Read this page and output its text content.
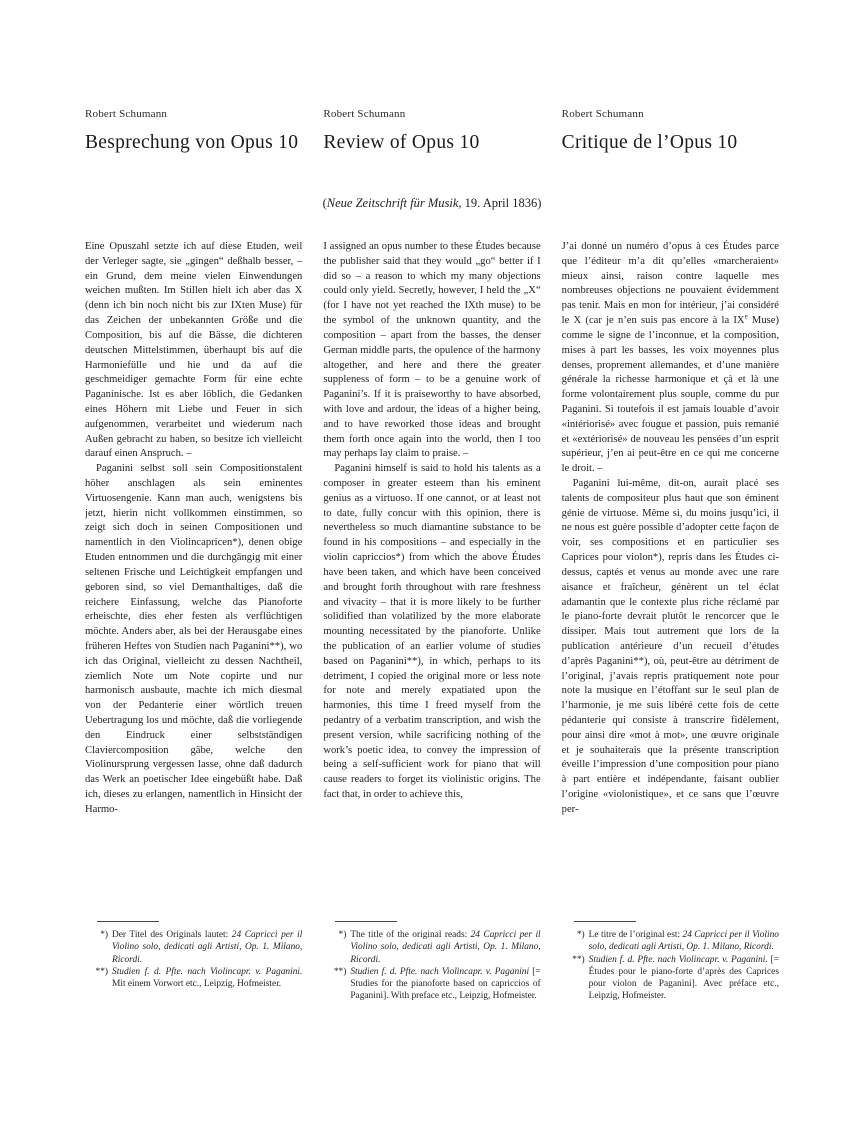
Robert Schumann
Besprechung von Opus 10
Robert Schumann
Review of Opus 10
Robert Schumann
Critique de l’Opus 10
(Neue Zeitschrift für Musik, 19. April 1836)

Eine Opuszahl setzte ich auf diese Etuden, weil der Verleger sagte, sie „gingen“ deßhalb besser, – ein Grund, dem meine vielen Einwendungen weichen mußten. Im Stillen hielt ich aber das X (denn ich bin noch nicht bis zur IXten Muse) für das Zeichen der unbekannten Größe und die Composition, bis auf die Bässe, die dichteren deutschen Mittelstimmen, überhaupt bis auf die Harmoniefülle und hie und da auf die geschmeidiger gemachte Form für eine echte Paganinische. Ist es aber löblich, die Gedanken eines Höhern mit Liebe und Feuer in sich aufgenommen, verarbeitet und wiederum nach Außen gebracht zu haben, so besitze ich vielleicht darauf einen Anspruch. –

Paganini selbst soll sein Compositionstalent höher anschlagen als sein eminentes Virtuosengenie. Kann man auch, wenigstens bis jetzt, hierin nicht vollkommen einstimmen, so zeigt sich doch in seinen Compositionen und namentlich in den Violincapricen*), denen obige Etuden entnommen und die durchgängig mit einer seltenen Frische und Leichtigkeit empfangen und geboren sind, so viel Demanthaltiges, daß die reichere Einfassung, welche das Pianoforte erheischte, dies eher festen als verflüchtigen möchte. Anders aber, als bei der Herausgabe eines früheren Heftes von Studien nach Paganini**), wo ich das Original, vielleicht zu dessen Nachtheil, ziemlich Note um Note copirte und nur harmonisch ausbaute, machte ich mich diesmal von der Pedanterie einer wörtlich treuen Uebertragung los und möchte, daß die vorliegende den Eindruck einer selbstständigen Claviercomposition gäbe, welche den Violinursprung vergessen lasse, ohne daß dadurch das Werk an poetischer Idee eingebüßt habe. Daß ich, dieses zu erlangen, namentlich in Hinsicht der Harmo-

I assigned an opus number to these Études because the publisher said that they would „go“ better if I did so – a reason to which my many objections could only yield. Secretly, however, I held the „X“ (for I have not yet reached the IXth muse) to be the symbol of the unknown quantity, and the composition – apart from the basses, the denser German middle parts, the opulence of the harmony altogether, and here and there the greater suppleness of form – to be a genuine work of Paganini’s. If it is praiseworthy to have absorbed, with love and ardour, the ideas of a higher being, and to have reworked those ideas and brought them forth once again into the world, then I too may perhaps lay claim to praise. –

Paganini himself is said to hold his talents as a composer in greater esteem than his eminent genius as a virtuoso. If one cannot, or at least not to date, fully concur with this opinion, there is nevertheless so much diamantine substance to be found in his compositions – and especially in the violin capriccios*) from which the above Études have been taken, and which have been conceived and brought forth throughout with rare freshness and vivacity – that it is more likely to be further solidified than volatilized by the more elaborate mounting necessitated by the pianoforte. Unlike the publication of an earlier volume of studies based on Paganini**), in which, perhaps to its detriment, I copied the original more or less note for note and merely expatiated upon the harmonies, this time I freed myself from the pedantry of a verbatim transcription, and wish the present version, while sacrificing nothing of the work’s poetic idea, to convey the impression of being a self-sufficient work for piano that will cause readers to forget its violinistic origins. The fact that, in order to achieve this,

J’ai donné un numéro d’opus à ces Études parce que l’éditeur m’a dit qu’elles «marcheraient» mieux ainsi, raison contre laquelle mes nombreuses objections ne pouvaient évidemment pas tenir. Mais en mon for intérieur, j’ai considéré le X (car je n’en suis pas encore à la IXe Muse) comme le signe de l’inconnue, et la composition, mises à part les basses, les voix moyennes plus denses, proprement allemandes, et d’une manière générale la richesse harmonique et çà et là une forme volontairement plus souple, comme du pur Paganini. Si toutefois il est jamais louable d’avoir «intériorisé» avec fougue et passion, puis remanié et «extériorisé» de nouveau les pensées d’un esprit supérieur, j’en ai peut-être en ce qui me concerne le droit. –

Paganini lui-même, dit-on, aurait placé ses talents de compositeur plus haut que son éminent génie de virtuose. Même si, du moins jusqu’ici, il ne nous est guère possible d’adopter cette façon de voir, ses compositions et en particulier ses Caprices pour violon*), repris dans les Études ci-dessus, captés et venus au monde avec une rare aisance et fraîcheur, génèrent un tel éclat adamantin que le contexte plus riche réclamé par le piano-forte devrait plutôt le rencorcer que le dissiper. Mais tout autrement que lors de la publication antérieure d’un recueil d’études d’après Paganini**), où, peut-être au détriment de l’original, j’avais repris pratiquement note pour note la musique en l’étoffant sur le seul plan de l’harmonie, je me suis libéré cette fois de cette pédanterie qui consiste à transcrire fidèlement, pour ainsi dire «mot à mot», une œuvre originale et je souhaiterais que la présente transcription éveille l’impression d’une composition pour piano à part entière et indépendante, faisant oublier l’origine «violonistique», et ce sans que l’œuvre per-

*) Der Titel des Originals lautet: 24 Capricci per il Violino solo, dedicati agli Artisti, Op. 1. Milano, Ricordi.
**) Studien f. d. Pfte. nach Violincapr. v. Paganini. Mit einem Vorwort etc., Leipzig, Hofmeister.
*) The title of the original reads: 24 Capricci per il Violino solo, dedicati agli Artisti, Op. 1. Milano, Ricordi.
**) Studien f. d. Pfte. nach Violincapr. v. Paganini [= Studies for the pianoforte based on capriccios of Paganini]. With preface etc., Leipzig, Hofmeister.
*) Le titre de l’original est: 24 Capricci per il Violino solo, dedicati agli Artisti, Op. 1. Milano, Ricordi.
**) Studien f. d. Pfte. nach Violincapr. v. Paganini. [= Études pour le piano-forte d’après des Caprices pour violon de Paganini]. Avec préface etc., Leipzig, Hofmeister.
